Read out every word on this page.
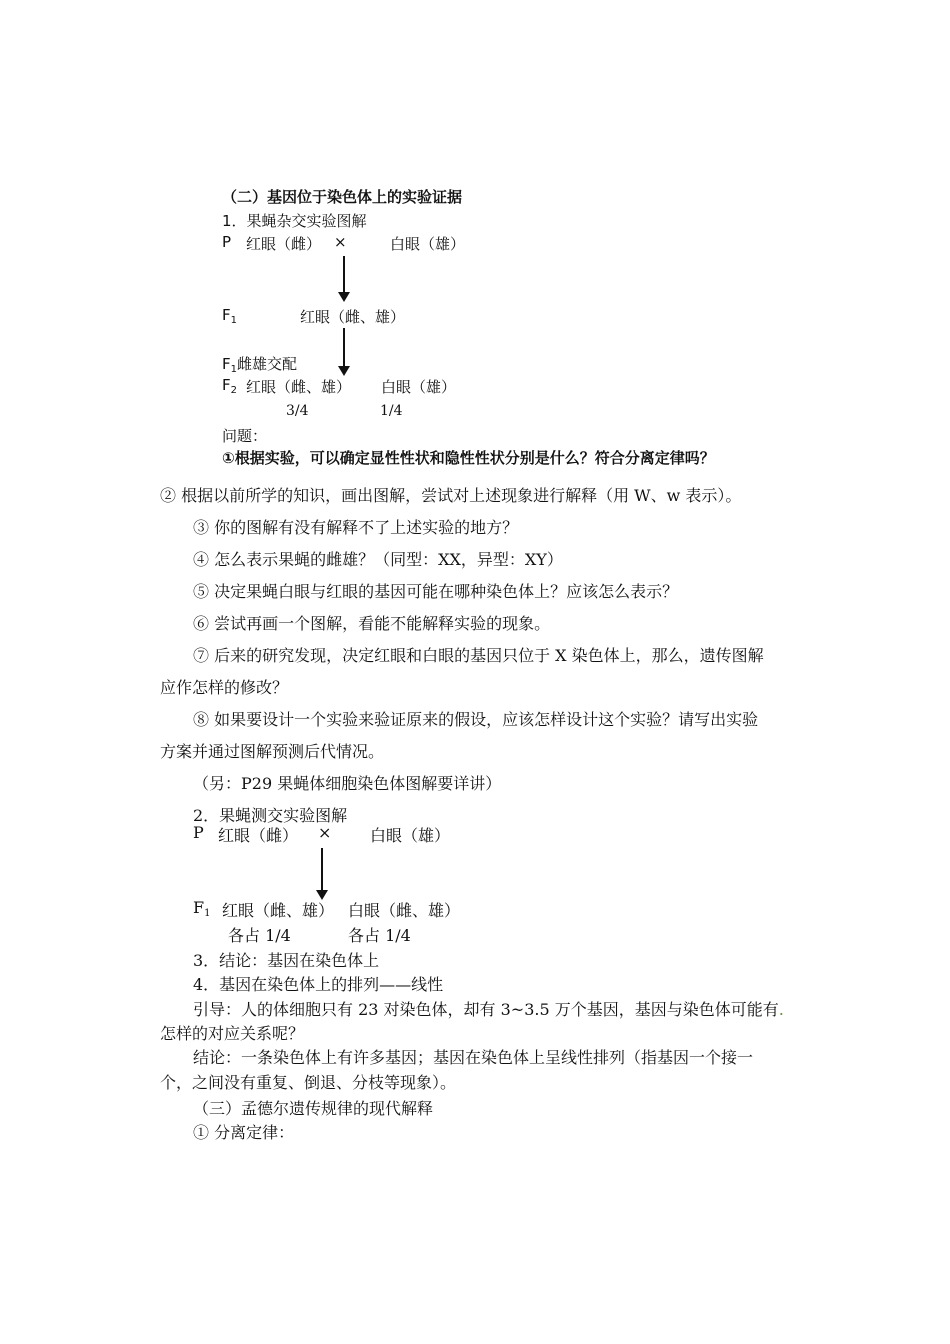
（二）基因位于染色体上的实验证据
1．果蝇杂交实验图解
P 红眼（雌） ×	白眼（雄）
$F_1$	红眼（雌、雄）
$F_1$雌雄交配
$F_2$ 红眼（雌、雄） 白眼（雄）
3/4	1/4
问题：
①根据实验，可以确定显性性状和隐性性状分别是什么？符合分离定律吗？
② 根据以前所学的知识，画出图解，尝试对上述现象进行解释（用 W、w 表示）。
③ 你的图解有没有解释不了上述实验的地方？
④ 怎么表示果蝇的雌雄？（同型：XX，异型：XY）
⑤ 决定果蝇白眼与红眼的基因可能在哪种染色体上？应该怎么表示？
⑥ 尝试再画一个图解，看能不能解释实验的现象。
⑦ 后来的研究发现，决定红眼和白眼的基因只位于 X 染色体上，那么，遗传图解
应作怎样的修改？
⑧ 如果要设计一个实验来验证原来的假设，应该怎样设计这个实验？请写出实验
方案并通过图解预测后代情况。
（另：P29 果蝇体细胞染色体图解要详讲）
2．果蝇测交实验图解
P 红眼（雌） × 白眼（雄）
$F_1$ 红眼（雌、雄） 白眼（雌、雄）
各占 1/4	各占 1/4
3．结论：基因在染色体上
4．基因在染色体上的排列——线性
引导：人的体细胞只有 23 对染色体，却有 3~3.5 万个基因，基因与染色体可能有.
怎样的对应关系呢？
结论：一条染色体上有许多基因；基因在染色体上呈线性排列（指基因一个接一
个，之间没有重复、倒退、分枝等现象）。
（三）孟德尔遗传规律的现代解释
① 分离定律：
